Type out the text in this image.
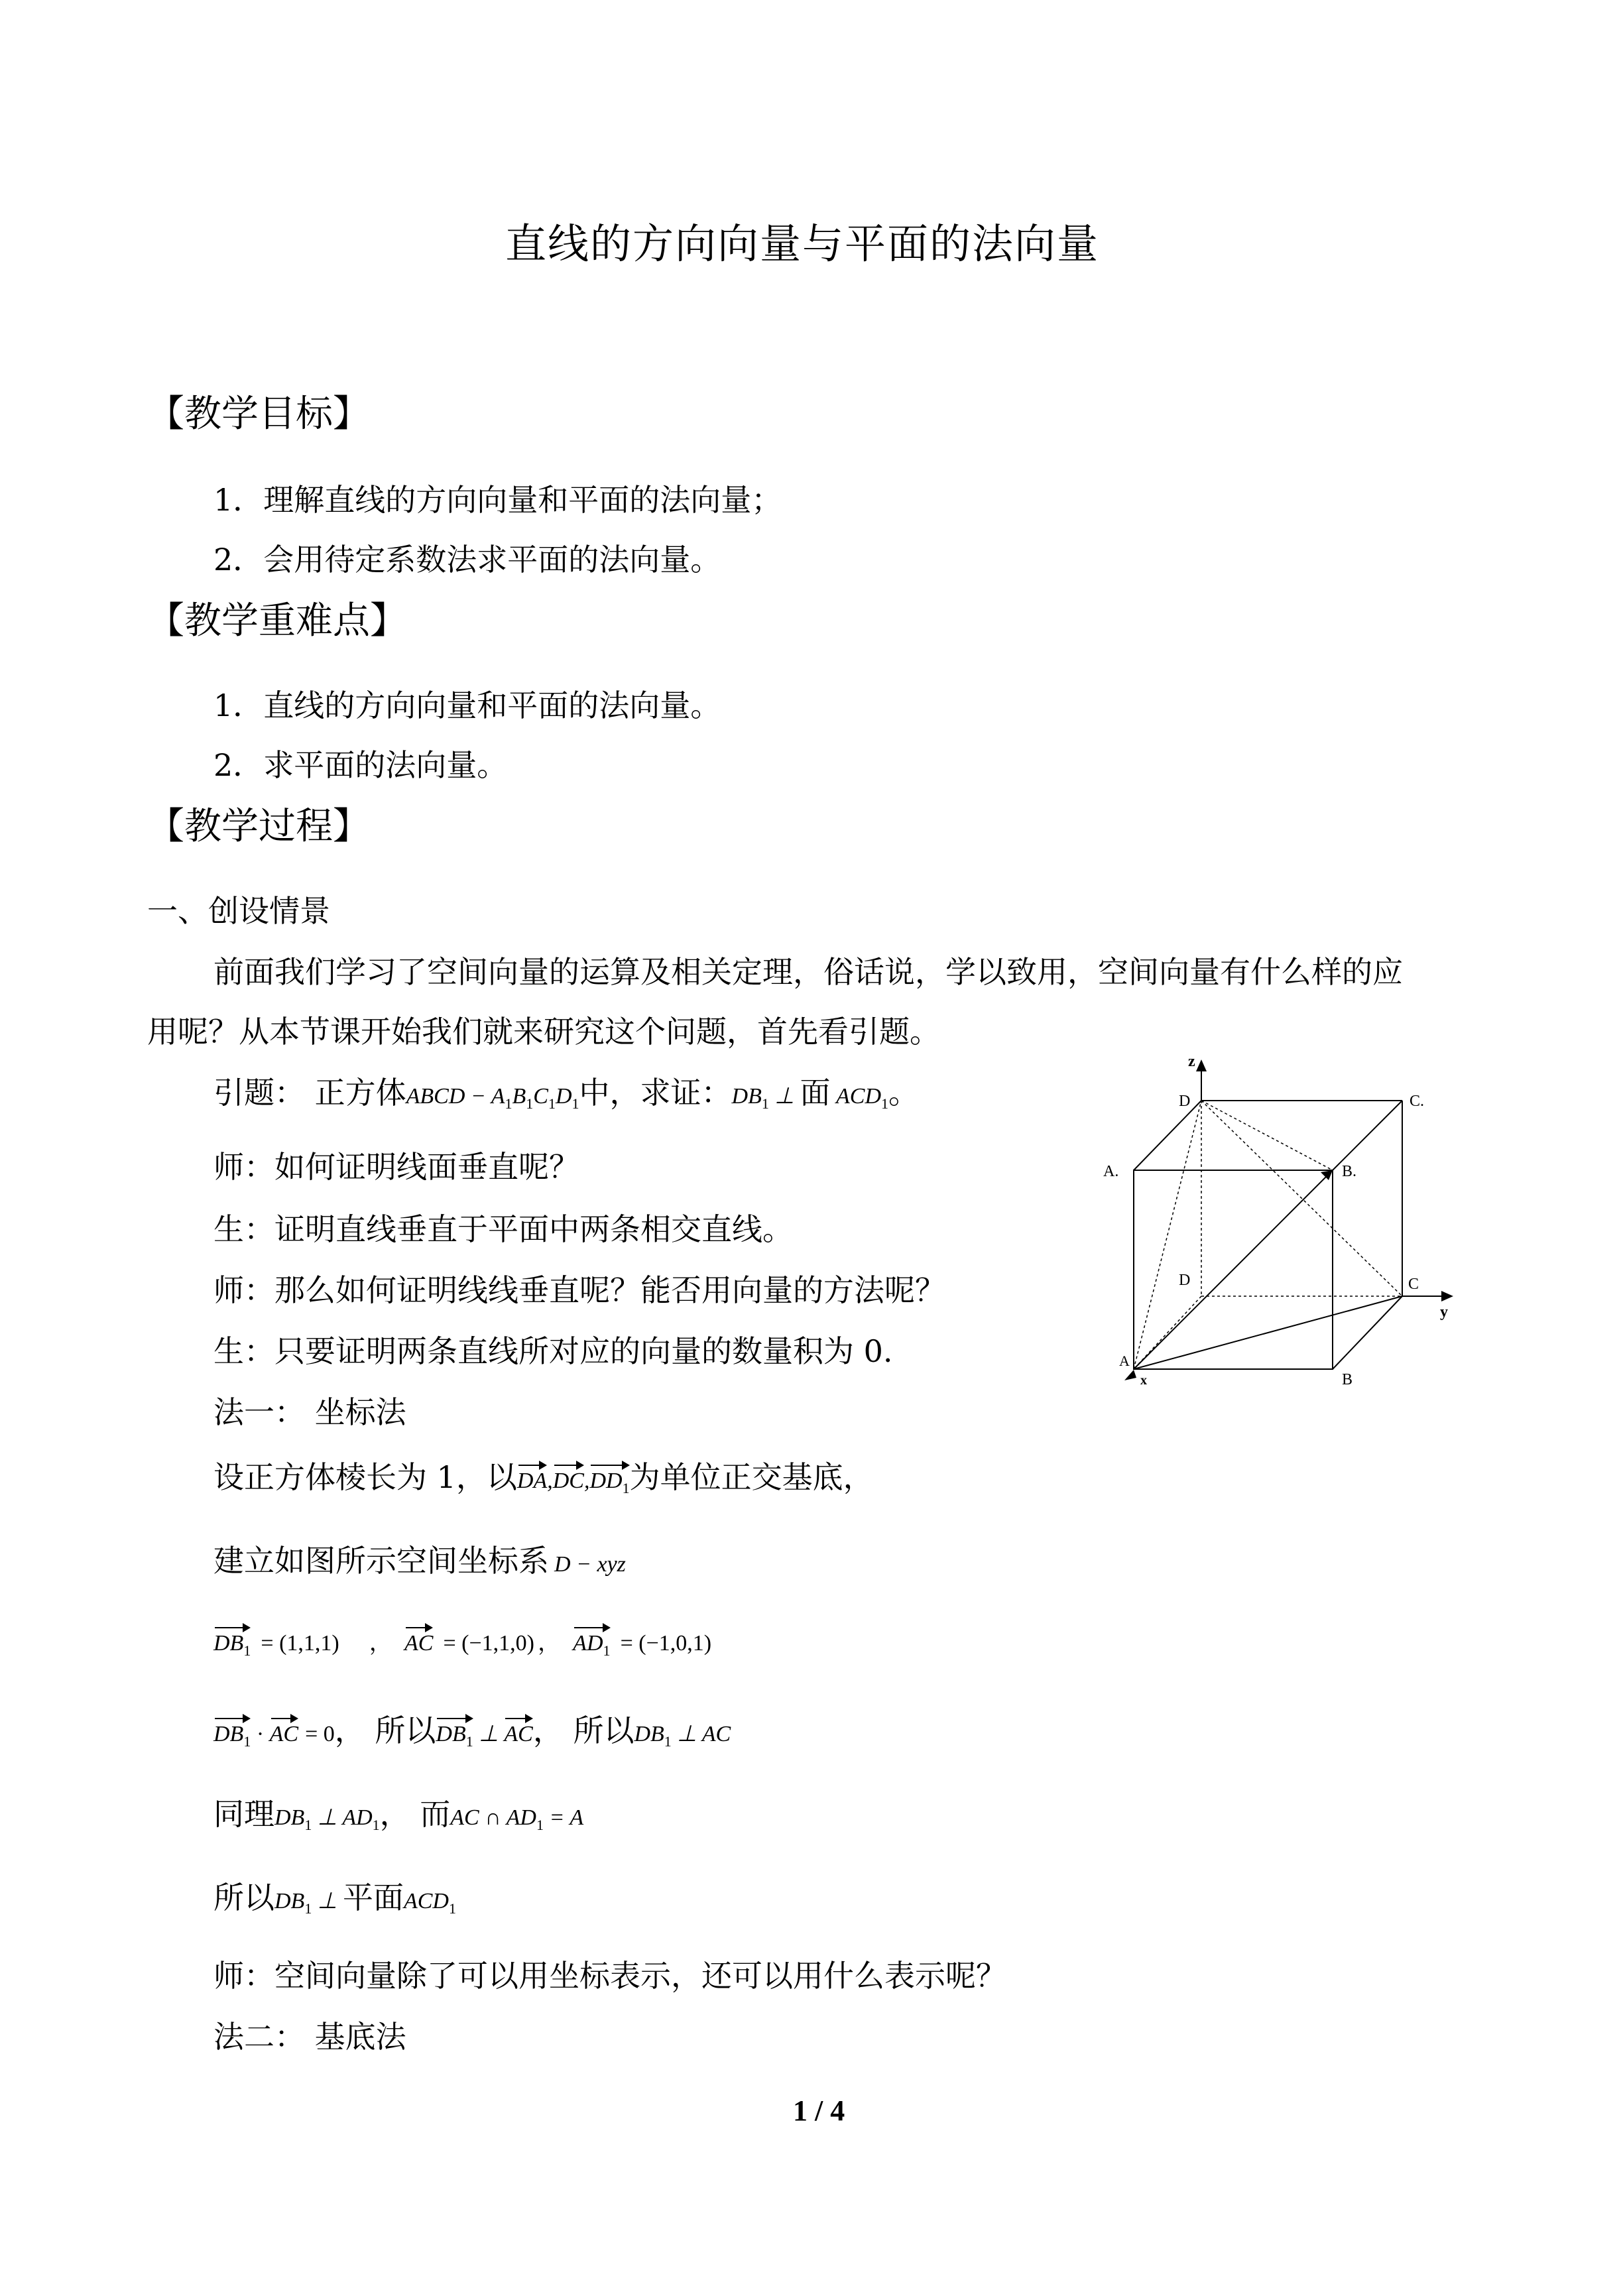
直线的方向向量与平面的法向量
【教学目标】
1．理解直线的方向向量和平面的法向量；
2．会用待定系数法求平面的法向量。
【教学重难点】
1．直线的方向向量和平面的法向量。
2．求平面的法向量。
【教学过程】
一、创设情景
前面我们学习了空间向量的运算及相关定理，俗话说，学以致用，空间向量有什么样的应
用呢？从本节课开始我们就来研究这个问题，首先看引题。
引题： 正方体ABCD − $A_1B_1C_1D_1$中，求证：$DB_1$ ⊥ 面 $ACD_1$。
师：如何证明线面垂直呢？
生：证明直线垂直于平面中两条相交直线。
师：那么如何证明线线垂直呢？能否用向量的方法呢？
生：只要证明两条直线所对应的向量的数量积为 0.
法一： 坐标法
设正方体棱长为 1，以$DA,DC,DD_1$为单位正交基底，
建立如图所示空间坐标系 D − xyz
$DB_1 = (1,1,1)$ ， AC = (−1,1,0) ， $AD_1 = (-1,0,1)$
$DB_1$ · AC = 0， 所以$DB_1$ ⊥ AC， 所以$DB_1$ ⊥ AC
同理$DB_1$ ⊥ $AD_1$， 而AC ∩ $AD_1 = A$
所以$DB_1$ ⊥ 平面$ACD_1$
师：空间向量除了可以用坐标表示，还可以用什么表示呢？
法二： 基底法
1 / 4
z
y
x
D	C.
A.	B.
D	C
A
B
